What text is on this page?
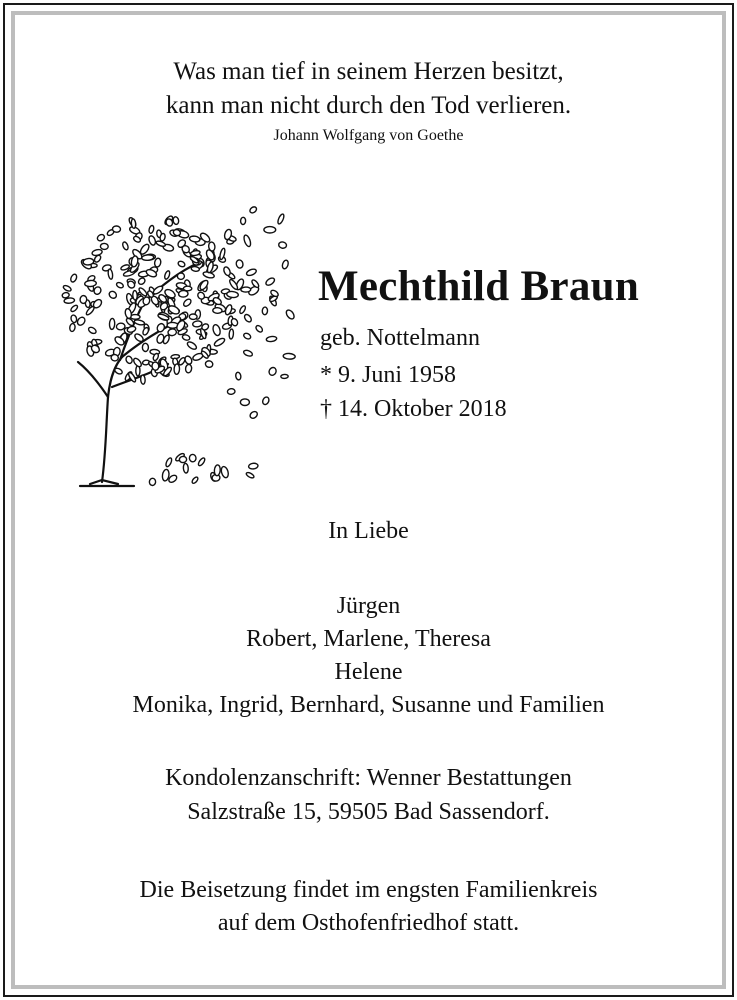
Was man tief in seinem Herzen besitzt,
kann man nicht durch den Tod verlieren.
Johann Wolfgang von Goethe
Mechthild Braun
geb. Nottelmann
* 9. Juni 1958
† 14. Oktober 2018
In Liebe
Jürgen
Robert, Marlene, Theresa
Helene
Monika, Ingrid, Bernhard, Susanne und Familien
Kondolenzanschrift: Wenner Bestattungen
Salzstraße 15, 59505 Bad Sassendorf.
Die Beisetzung findet im engsten Familienkreis
auf dem Osthofenfriedhof statt.
